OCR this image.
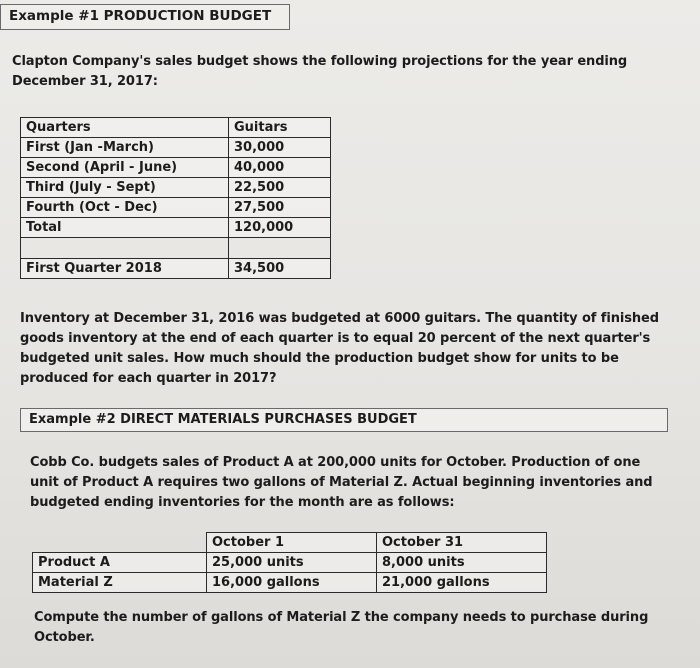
Example #1 PRODUCTION BUDGET

Clapton Company's sales budget shows the following projections for the year ending

December 31, 2017:

Quarters	Guitars
First (Jan -March)	30,000
Second (April - June)	40,000
Third (July - Sept)	22,500
Fourth (Oct - Dec)	27,500
Total	120,000

First Quarter 2018	34,500

Inventory at December 31, 2016 was budgeted at 6000 guitars. The quantity of finished

goods inventory at the end of each quarter is to equal 20 percent of the next quarter's

budgeted unit sales. How much should the production budget show for units to be

produced for each quarter in 2017?

Example #2 DIRECT MATERIALS PURCHASES BUDGET

Cobb Co. budgets sales of Product A at 200,000 units for October. Production of one

unit of Product A requires two gallons of Material Z. Actual beginning inventories and

budgeted ending inventories for the month are as follows:

	October 1	October 31
Product A	25,000 units	8,000 units
Material Z	16,000 gallons	21,000 gallons

Compute the number of gallons of Material Z the company needs to purchase during

October.
